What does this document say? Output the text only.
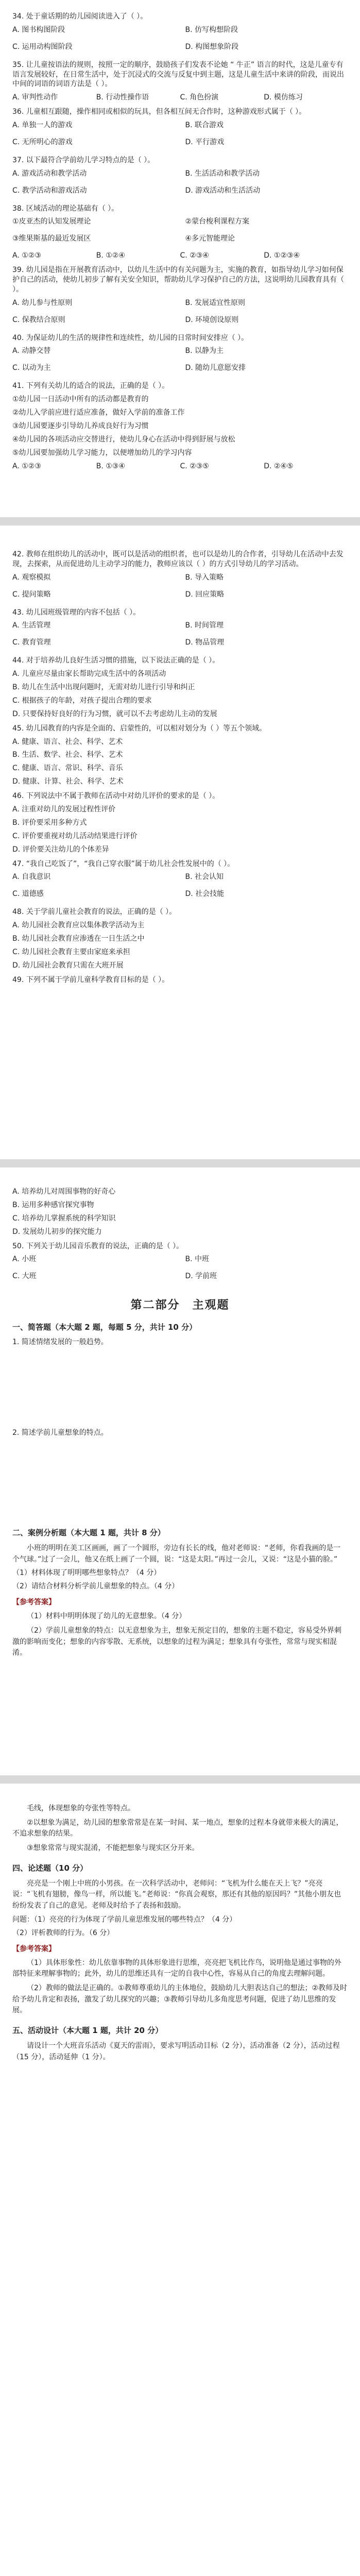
34. 处于童话期的幼儿园阅读进入了（ ）。
A. 图书构图阶段	B. 仿写构想阶段
C. 运用动构图阶段	D. 构图想象阶段
35. 让儿童按语法的规则，按照一定的顺序，鼓励孩子们发表不论她 “ 牛正” 语言的时代，这是儿童专有语言发展较好，在日常生活中，处于沉浸式的交流与反复中到主题，这是儿童生活中来讲的阶段，而说出中间的词语的词语方法是（ ）。
A. 审判性动作	B. 行动性操作语	C. 角色扮演	D. 模仿练习
36. 儿童相互跟随，操作相同或相似的玩具，但各相互间无合作时，这种游戏形式属于（ ）。
A. 单独一人的游戏	B. 联合游戏
C. 无所明心的游戏	D. 平行游戏
37. 以下最符合学前幼儿学习特点的是（ ）。
A. 游戏活动和教学活动	B. 生活活动和教学活动
C. 教学活动和游戏活动	D. 游戏活动和生活活动
38. 区域活动的理论基础有（ ）。
①皮亚杰的认知发展理论	②蒙台梭利课程方案
③维果斯基的最近发展区	④多元智能理论
A. ①②③	B. ①②④	C. ②③④	D. ①②③④
39. 幼儿园是指在开展教育活动中，以幼儿生活中的有关问题为主，实施的教育，如指导幼儿学习如何保护自己的活动，使幼儿初步了解有关安全知识，帮助幼儿学习保护自己的方法，这说明幼儿园教育具有（ ）。
A. 幼儿参与性原则	B. 发展适宜性原则
C. 保教结合原则	D. 环境创设原则
40. 为保证幼儿的生活的规律性和连续性，幼儿园的日常时间安排应（ ）。
A. 动静交替	B. 以静为主
C. 以动为主	D. 随幼儿意愿安排
41. 下列有关幼儿的适合的说法，正确的是（ ）。
①幼儿园一日活动中所有的活动都是教育的
②幼儿入学前应进行适应准备，做好入学前的准备工作
③幼儿园要逐步引导幼儿养成良好行为习惯
④幼儿园的各项活动应交替进行，使幼儿身心在活动中得到舒展与放松
⑤幼儿园要加强幼儿学习能力，以便增加幼儿的学习内容
A. ①②③	B. ①③④	C. ②③⑤	D. ②④⑤
42. 教师在组织幼儿的活动中，既可以是活动的组织者，也可以是幼儿的合作者，引导幼儿在活动中去发现，去探索，从而促进幼儿主动学习的能力，教师应该以（ ）的方式引导幼儿的学习活动。
A. 观察模拟	B. 导入策略
C. 提问策略	D. 回应策略
43. 幼儿园班级管理的内容不包括（ ）。
A. 生活管理	B. 时间管理
C. 教育管理	D. 物品管理
44. 对于培养幼儿良好生活习惯的措施，以下说法正确的是（ ）。
A. 儿童应尽量由家长帮助完成生活中的各项活动
B. 幼儿在生活中出现问题时，无需对幼儿进行引导和纠正
C. 根据孩子的年龄，对孩子提出合理的要求
D. 只要保持好良好的行为习惯，就可以不去考虑幼儿主动的发展
45. 幼儿园教育的内容是全面的、启蒙性的，可以相对划分为（ ）等五个领域。
A. 健康、语言、社会、科学、艺术
B. 生活、数学、社会、科学、艺术
C. 健康、语言、常识、科学、音乐
D. 健康、计算、社会、科学、艺术
46. 下列说法中不属于教师在活动中对幼儿评价的要求的是（ ）。
A. 注重对幼儿的发展过程性评价
B. 评价要采用多种方式
C. 评价要重视对幼儿活动结果进行评价
D. 评价要关注幼儿的个体差异
47. “我自己吃饭了”，“我自己穿衣服”属于幼儿社会性发展中的（ ）。
A. 自我意识	B. 社会认知
C. 道德感	D. 社会技能
48. 关于学前儿童社会教育的说法，正确的是（ ）。
A. 幼儿园社会教育应以集体教学活动为主
B. 幼儿园社会教育应渗透在一日生活之中
C. 幼儿园社会教育主要由家庭来承担
D. 幼儿园社会教育只需在大班开展
49. 下列不属于学前儿童科学教育目标的是（ ）。
A. 培养幼儿对周围事物的好奇心
B. 运用多种感官探究事物
C. 培养幼儿掌握系统的科学知识
D. 发展幼儿初步的探究能力
50. 下列关于幼儿园音乐教育的说法，正确的是（ ）。
A. 小班	B. 中班
C. 大班	D. 学前班
第二部分　主观题
一、简答题（本大题 2 题，每题 5 分，共计 10 分）
1. 简述情绪发展的一般趋势。
2. 简述学前儿童想象的特点。
二、案例分析题（本大题 1 题，共计 8 分）
小班的明明在美工区画画，画了一个圆形，旁边有长长的线，他对老师说：“老师，你看我画的是一个气球。”过了一会儿，他又在纸上画了一个圆，说：“这是太阳。”再过一会儿，又说：“这是小猫的脸。”
（1）材料体现了明明哪些想象特点？（4 分）
（2）请结合材料分析学前儿童想象的特点。（4 分）
【参考答案】
（1）材料中明明体现了幼儿的无意想象。（4 分）
（2）学前儿童想象的特点：以无意想象为主，想象无预定目的，想象的主题不稳定，容易受外界刺激的影响而变化；想象的内容零散、无系统，以想象的过程为满足；想象具有夸张性，常常与现实相混淆。
毛线，体现想象的夸张性等特点。
②以想象为满足，幼儿园的想象常常是在某一时间、某一地点，想象的过程本身就带来极大的满足，不追求想象的结果。
③想象常常与现实混淆，不能把想象与现实区分开来。
四、论述题（10 分）
亮亮是一个刚上中班的小男孩。在一次科学活动中，老师问：“飞机为什么能在天上飞？”亮亮说：“飞机有翅膀，像鸟一样，所以能飞。”老师说：“你真会观察，那还有其他的原因吗？”其他小朋友也纷纷发表了自己的意见。老师及时给予了表扬和鼓励。
问题：（1）亮亮的行为体现了学前儿童思维发展的哪些特点？（4 分）
（2）评析教师的行为。（6 分）
【参考答案】
（1）具体形象性：幼儿依靠事物的具体形象进行思维，亮亮把飞机比作鸟，说明他是通过事物的外部特征来理解事物的；此外，幼儿的思维还具有一定的自我中心性，容易从自己的角度去理解问题。
（2）教师的做法是正确的。①教师尊重幼儿的主体地位，鼓励幼儿大胆表达自己的想法；②教师及时给予幼儿肯定和表扬，激发了幼儿探究的兴趣；③教师引导幼儿多角度思考问题，促进了幼儿思维的发展。
五、活动设计（本大题 1 题，共计 20 分）
请设计一个大班音乐活动《夏天的雷雨》，要求写明活动目标（2 分），活动准备（2 分），活动过程（15 分），活动延伸（1 分）。
